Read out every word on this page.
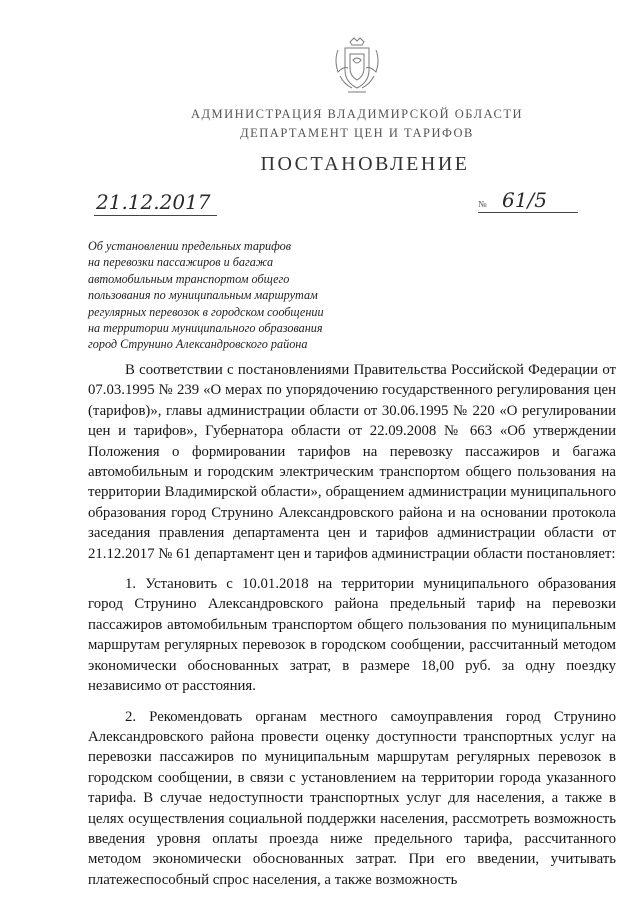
АДМИНИСТРАЦИЯ ВЛАДИМИРСКОЙ ОБЛАСТИ
ДЕПАРТАМЕНТ ЦЕН И ТАРИФОВ
ПОСТАНОВЛЕНИЕ
21.12.2017	№ 61/5
Об установлении предельных тарифов
на перевозки пассажиров и багажа
автомобильным транспортом общего
пользования по муниципальным маршрутам
регулярных перевозок в городском сообщении
на территории муниципального образования
город Струнино Александровского района

В соответствии с постановлениями Правительства Российской Федерации от 07.03.1995 № 239 «О мерах по упорядочению государственного регулирования цен (тарифов)», главы администрации области от 30.06.1995 № 220 «О регулировании цен и тарифов», Губернатора области от 22.09.2008 № 663 «Об утверждении Положения о формировании тарифов на перевозку пассажиров и багажа автомобильным и городским электрическим транспортом общего пользования на территории Владимирской области», обращением администрации муниципального образования город Струнино Александровского района и на основании протокола заседания правления департамента цен и тарифов администрации области от 21.12.2017 № 61 департамент цен и тарифов администрации области постановляет:

1. Установить с 10.01.2018 на территории муниципального образования город Струнино Александровского района предельный тариф на перевозки пассажиров автомобильным транспортом общего пользования по муниципальным маршрутам регулярных перевозок в городском сообщении, рассчитанный методом экономически обоснованных затрат, в размере 18,00 руб. за одну поездку независимо от расстояния.

2. Рекомендовать органам местного самоуправления город Струнино Александровского района провести оценку доступности транспортных услуг на перевозки пассажиров по муниципальным маршрутам регулярных перевозок в городском сообщении, в связи с установлением на территории города указанного тарифа. В случае недоступности транспортных услуг для населения, а также в целях осуществления социальной поддержки населения, рассмотреть возможность введения уровня оплаты проезда ниже предельного тарифа, рассчитанного методом экономически обоснованных затрат. При его введении, учитывать платежеспособный спрос населения, а также возможность
